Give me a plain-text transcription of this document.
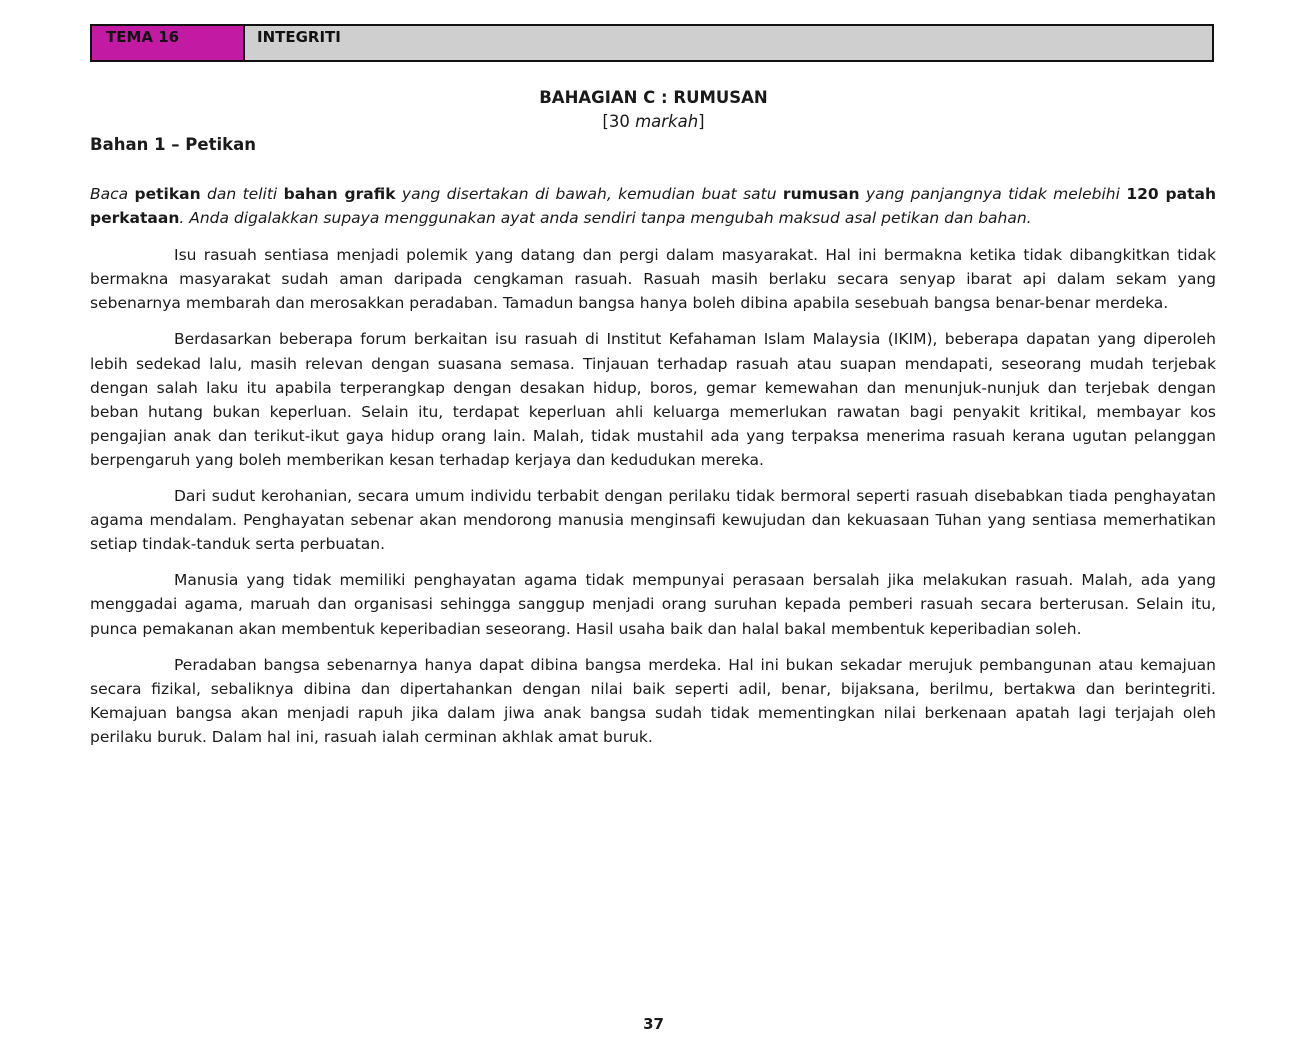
TEMA 16	INTEGRITI
BAHAGIAN C : RUMUSAN
[30 markah]
Bahan 1 – Petikan

Baca petikan dan teliti bahan grafik yang disertakan di bawah, kemudian buat satu rumusan yang panjangnya tidak melebihi 120 patah perkataan. Anda digalakkan supaya menggunakan ayat anda sendiri tanpa mengubah maksud asal petikan dan bahan.

Isu rasuah sentiasa menjadi polemik yang datang dan pergi dalam masyarakat. Hal ini bermakna ketika tidak dibangkitkan tidak bermakna masyarakat sudah aman daripada cengkaman rasuah. Rasuah masih berlaku secara senyap ibarat api dalam sekam yang sebenarnya membarah dan merosakkan peradaban. Tamadun bangsa hanya boleh dibina apabila sesebuah bangsa benar-benar merdeka.

Berdasarkan beberapa forum berkaitan isu rasuah di Institut Kefahaman Islam Malaysia (IKIM), beberapa dapatan yang diperoleh lebih sedekad lalu, masih relevan dengan suasana semasa. Tinjauan terhadap rasuah atau suapan mendapati, seseorang mudah terjebak dengan salah laku itu apabila terperangkap dengan desakan hidup, boros, gemar kemewahan dan menunjuk-nunjuk dan terjebak dengan beban hutang bukan keperluan. Selain itu, terdapat keperluan ahli keluarga memerlukan rawatan bagi penyakit kritikal, membayar kos pengajian anak dan terikut-ikut gaya hidup orang lain. Malah, tidak mustahil ada yang terpaksa menerima rasuah kerana ugutan pelanggan berpengaruh yang boleh memberikan kesan terhadap kerjaya dan kedudukan mereka.

Dari sudut kerohanian, secara umum individu terbabit dengan perilaku tidak bermoral seperti rasuah disebabkan tiada penghayatan agama mendalam. Penghayatan sebenar akan mendorong manusia menginsafi kewujudan dan kekuasaan Tuhan yang sentiasa memerhatikan setiap tindak-tanduk serta perbuatan.

Manusia yang tidak memiliki penghayatan agama tidak mempunyai perasaan bersalah jika melakukan rasuah. Malah, ada yang menggadai agama, maruah dan organisasi sehingga sanggup menjadi orang suruhan kepada pemberi rasuah secara berterusan. Selain itu, punca pemakanan akan membentuk keperibadian seseorang. Hasil usaha baik dan halal bakal membentuk keperibadian soleh.

Peradaban bangsa sebenarnya hanya dapat dibina bangsa merdeka. Hal ini bukan sekadar merujuk pembangunan atau kemajuan secara fizikal, sebaliknya dibina dan dipertahankan dengan nilai baik seperti adil, benar, bijaksana, berilmu, bertakwa dan berintegriti. Kemajuan bangsa akan menjadi rapuh jika dalam jiwa anak bangsa sudah tidak mementingkan nilai berkenaan apatah lagi terjajah oleh perilaku buruk. Dalam hal ini, rasuah ialah cerminan akhlak amat buruk.

37
